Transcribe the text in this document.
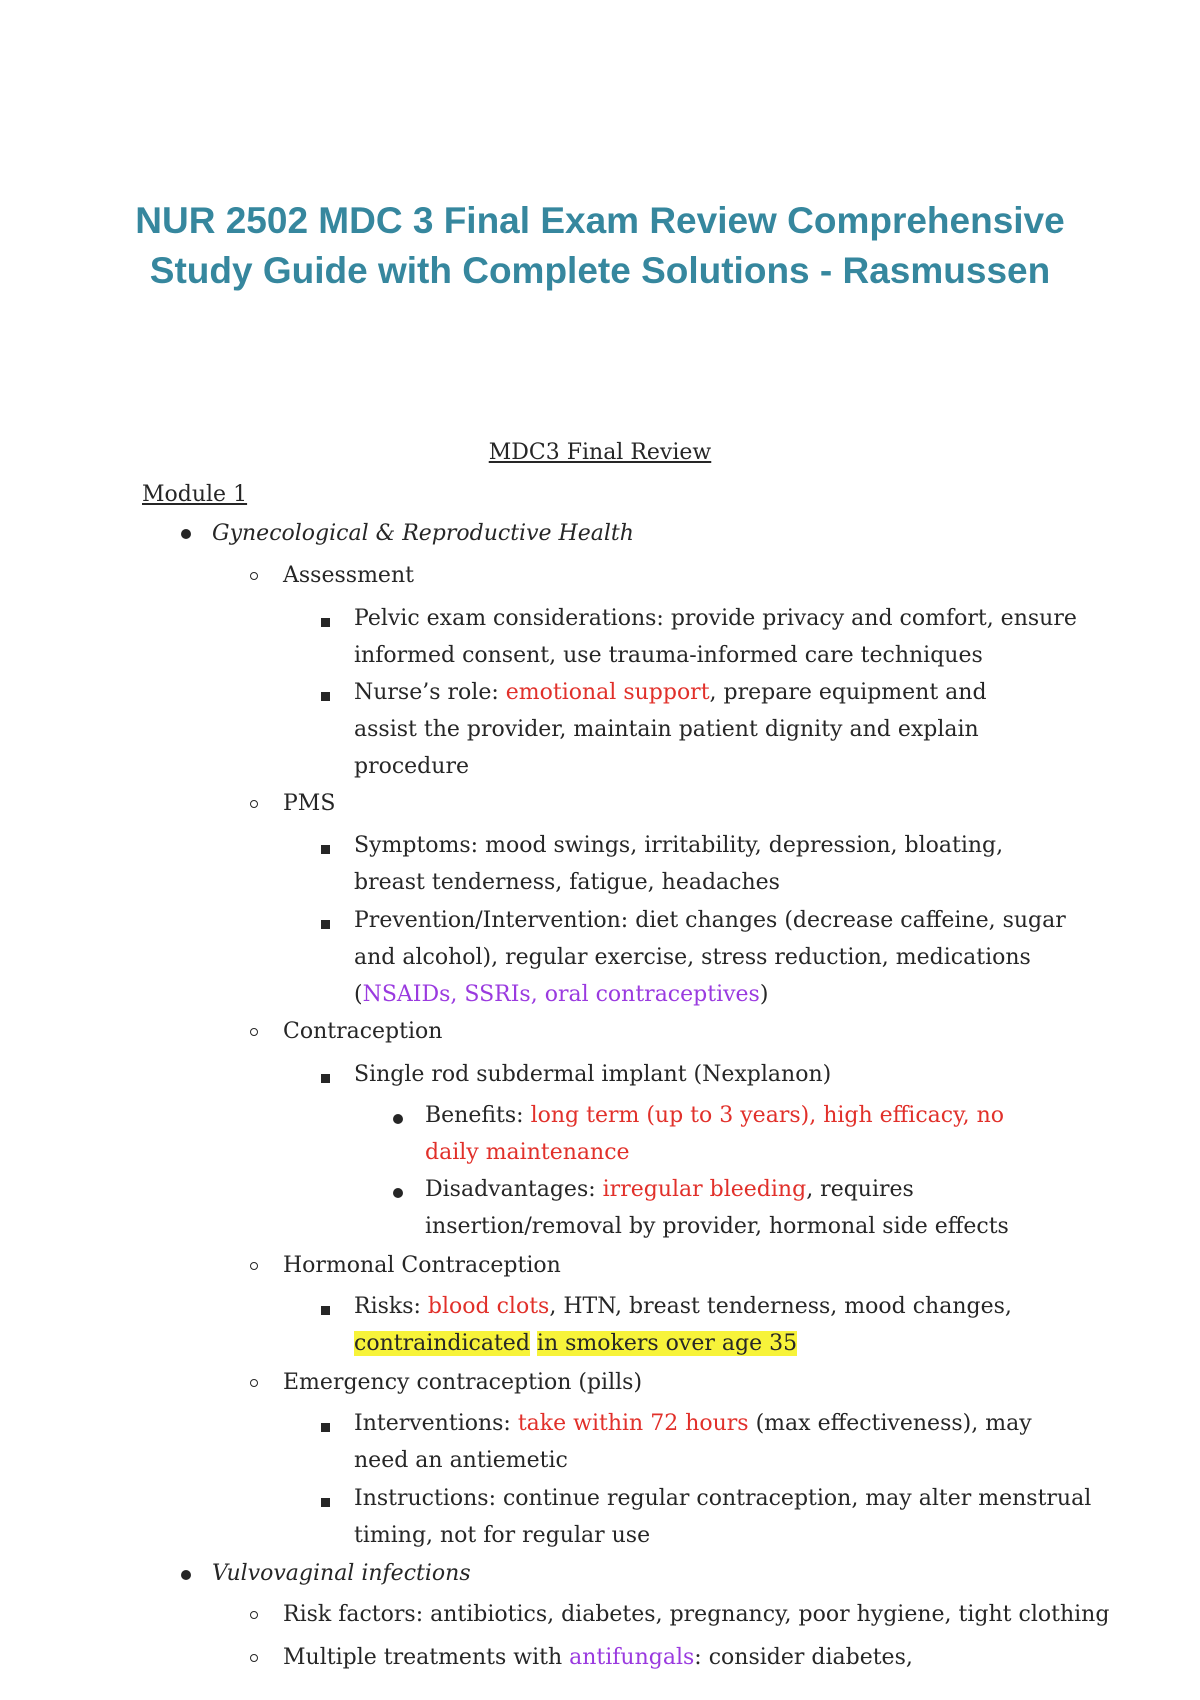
NUR 2502 MDC 3 Final Exam Review Comprehensive
Study Guide with Complete Solutions - Rasmussen
MDC3 Final Review
Module 1
Gynecological & Reproductive Health
Assessment
Pelvic exam considerations: provide privacy and comfort, ensure
informed consent, use trauma-informed care techniques
Nurse’s role: emotional support, prepare equipment and
assist the provider, maintain patient dignity and explain
procedure
PMS
Symptoms: mood swings, irritability, depression, bloating,
breast tenderness, fatigue, headaches
Prevention/Intervention: diet changes (decrease caffeine, sugar
and alcohol), regular exercise, stress reduction, medications
(NSAIDs, SSRIs, oral contraceptives)
Contraception
Single rod subdermal implant (Nexplanon)
Benefits: long term (up to 3 years), high efficacy, no
daily maintenance
Disadvantages: irregular bleeding, requires
insertion/removal by provider, hormonal side effects
Hormonal Contraception
Risks: blood clots, HTN, breast tenderness, mood changes,
contraindicated in smokers over age 35
Emergency contraception (pills)
Interventions: take within 72 hours (max effectiveness), may
need an antiemetic
Instructions: continue regular contraception, may alter menstrual
timing, not for regular use
Vulvovaginal infections
Risk factors: antibiotics, diabetes, pregnancy, poor hygiene, tight clothing
Multiple treatments with antifungals: consider diabetes,
